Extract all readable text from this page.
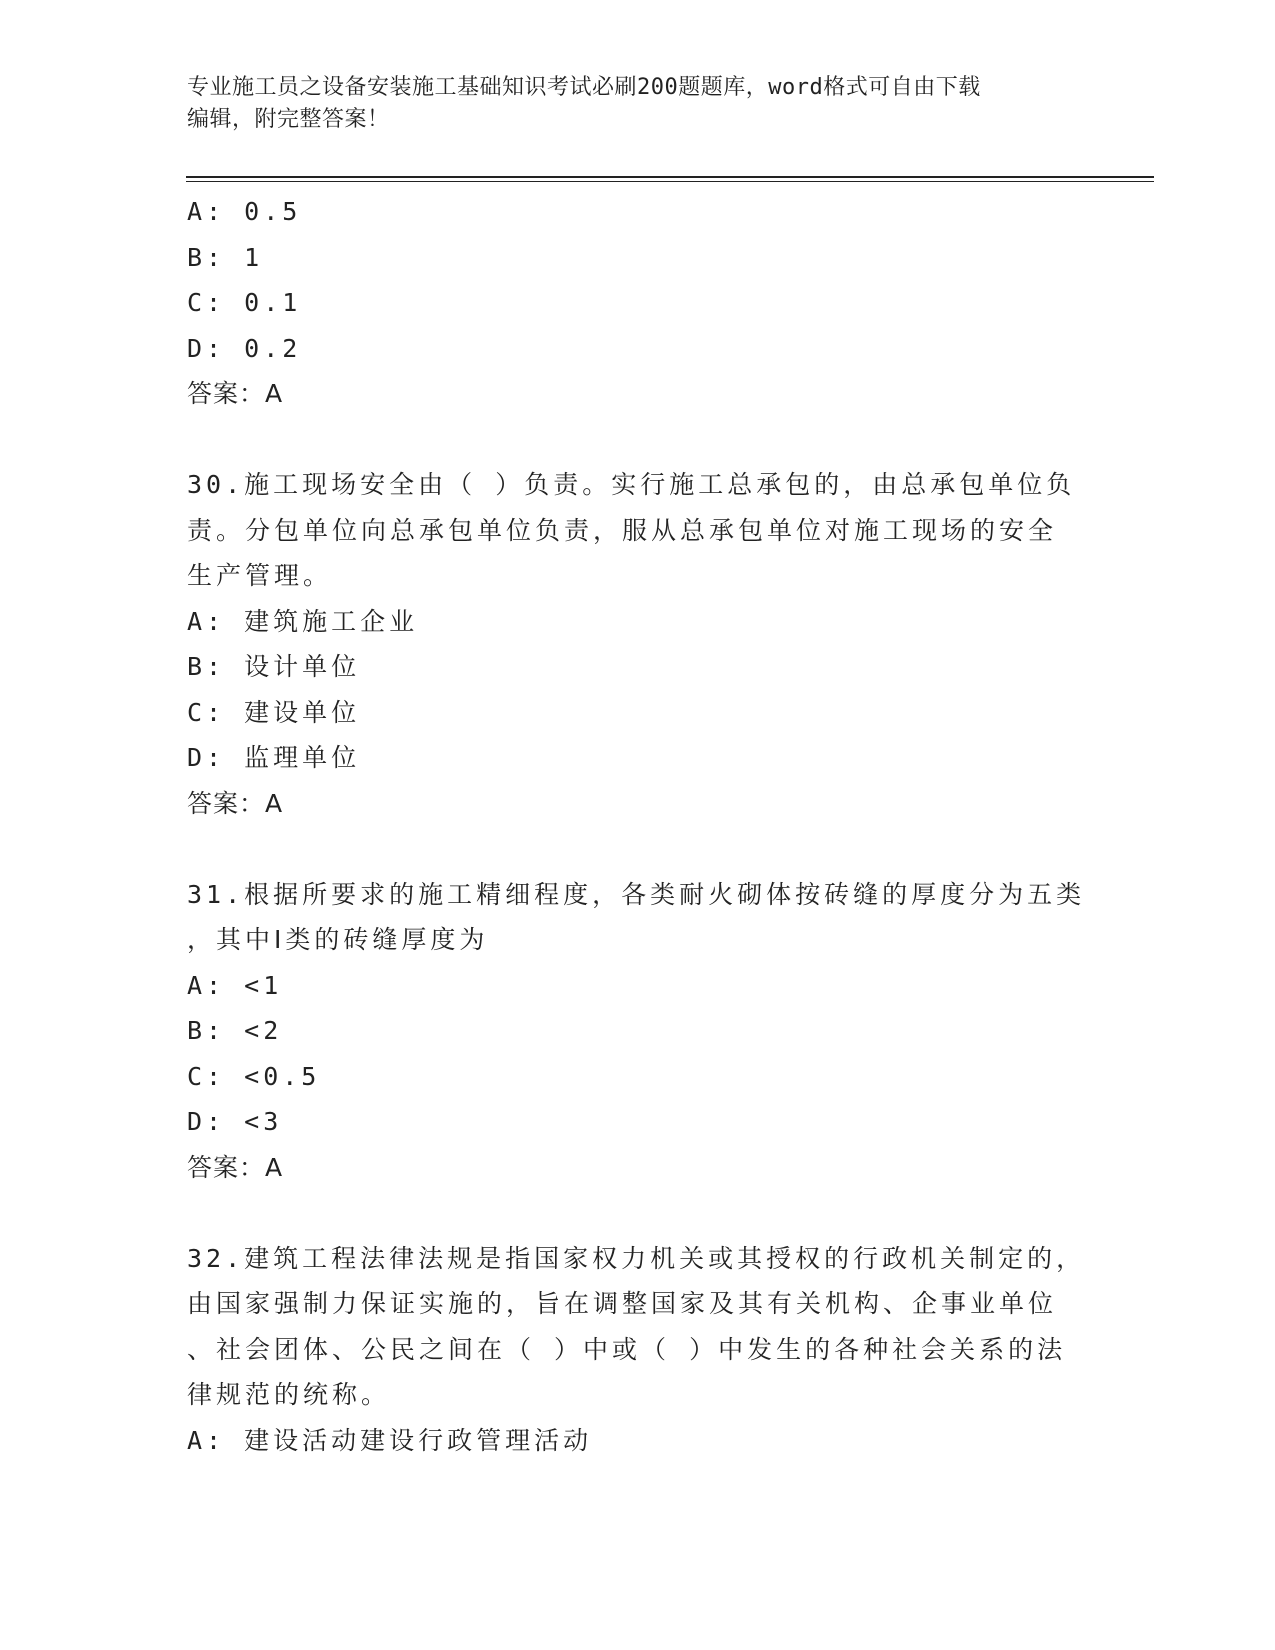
专业施工员之设备安装施工基础知识考试必刷200题题库，word格式可自由下载
编辑，附完整答案！
A: 0.5
B: 1
C: 0.1
D: 0.2
答案：A
30.施工现场安全由（ ）负责。实行施工总承包的，由总承包单位负
责。分包单位向总承包单位负责，服从总承包单位对施工现场的安全
生产管理。
A: 建筑施工企业
B: 设计单位
C: 建设单位
D: 监理单位
答案：A
31.根据所要求的施工精细程度，各类耐火砌体按砖缝的厚度分为五类
，其中Ⅰ类的砖缝厚度为
A: <1
B: <2
C: <0.5
D: <3
答案：A
32.建筑工程法律法规是指国家权力机关或其授权的行政机关制定的，
由国家强制力保证实施的，旨在调整国家及其有关机构、企事业单位
、社会团体、公民之间在（ ）中或（ ）中发生的各种社会关系的法
律规范的统称。
A: 建设活动建设行政管理活动
